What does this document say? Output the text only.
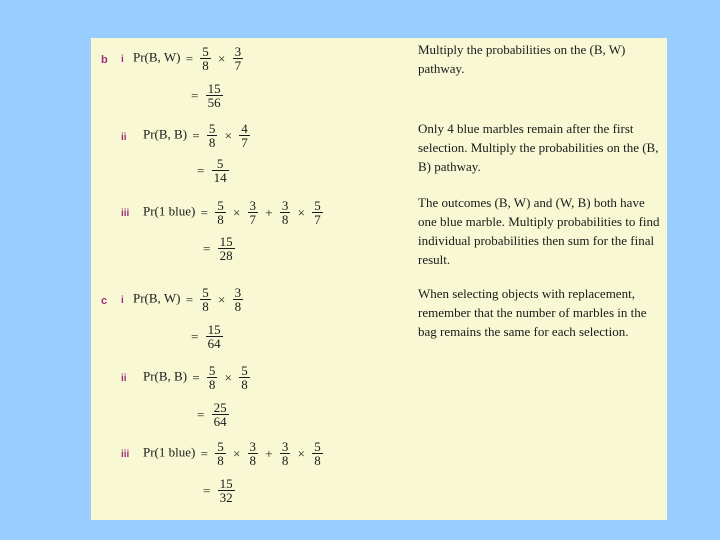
b i Pr(B, $W) = \frac{5}{8} \times \frac{3}{7}$
= $\frac{15}{56}$
Multiply the probabilities on the (B, W) pathway.
ii Pr(B, $B) = \frac{5}{8} \times \frac{4}{7}$
= $\frac{5}{14}$
Only 4 blue marbles remain after the first selection. Multiply the probabilities on the (B, B) pathway.
iii Pr(1 blue) = $\frac{5}{8} \times \frac{3}{7} + \frac{3}{8} \times \frac{5}{7}$
= $\frac{15}{28}$
The outcomes (B, W) and (W, B) both have one blue marble. Multiply probabilities to find individual probabilities then sum for the final result.
c i Pr(B, $W) = \frac{5}{8} \times \frac{3}{8}$
= $\frac{15}{64}$
When selecting objects with replacement, remember that the number of marbles in the bag remains the same for each selection.
ii Pr(B, $B) = \frac{5}{8} \times \frac{5}{8}$
= $\frac{25}{64}$
iii Pr(1 blue) = $\frac{5}{8} \times \frac{3}{8} + \frac{3}{8} \times \frac{5}{8}$
= $\frac{15}{32}$
